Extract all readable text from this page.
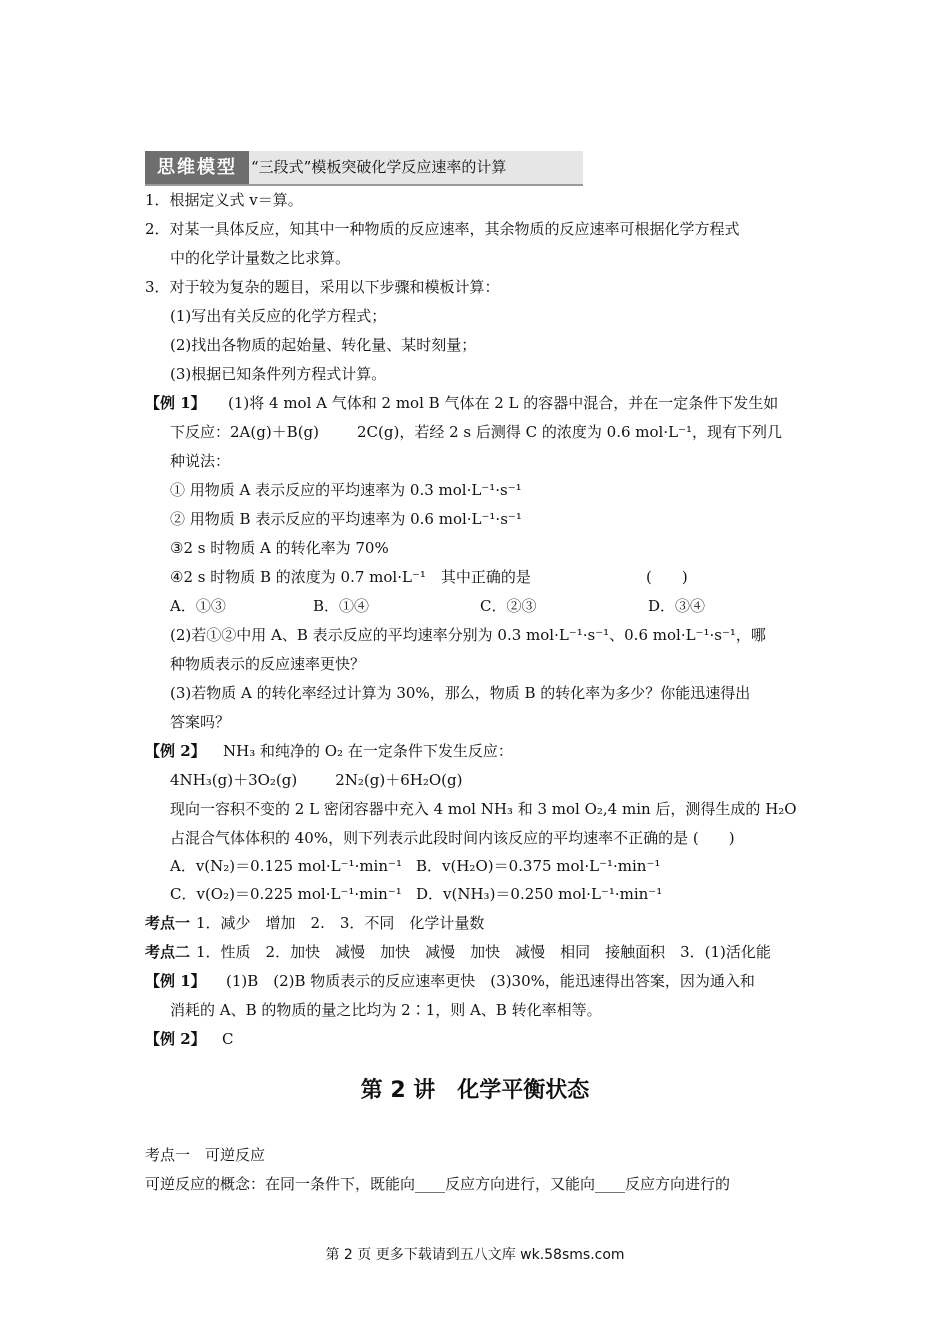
思维模型 “三段式”模板突破化学反应速率的计算
1．根据定义式 v＝算。
2．对某一具体反应，知其中一种物质的反应速率，其余物质的反应速率可根据化学方程式
中的化学计量数之比求算。
3．对于较为复杂的题目，采用以下步骤和模板计算：
(1)写出有关反应的化学方程式；
(2)找出各物质的起始量、转化量、某时刻量；
(3)根据已知条件列方程式计算。
【例 1】 (1)将 4 mol A 气体和 2 mol B 气体在 2 L 的容器中混合，并在一定条件下发生如
下反应：2A(g)＋B(g)	2C(g)，若经 2 s 后测得 C 的浓度为 0.6 mol·L⁻¹，现有下列几
种说法：
① 用物质 A 表示反应的平均速率为 0.3 mol·L⁻¹·s⁻¹
② 用物质 B 表示反应的平均速率为 0.6 mol·L⁻¹·s⁻¹
③2 s 时物质 A 的转化率为 70%
④2 s 时物质 B 的浓度为 0.7 mol·L⁻¹　其中正确的是	(　　)
A．①③	B．①④	C．②③	D．③④
(2)若①②中用 A、B 表示反应的平均速率分别为 0.3 mol·L⁻¹·s⁻¹、0.6 mol·L⁻¹·s⁻¹，哪
种物质表示的反应速率更快？
(3)若物质 A 的转化率经过计算为 30%，那么，物质 B 的转化率为多少？你能迅速得出
答案吗？
【例 2】 NH₃ 和纯净的 O₂ 在一定条件下发生反应：
4NH₃(g)＋3O₂(g)	2N₂(g)＋6H₂O(g)
现向一容积不变的 2 L 密闭容器中充入 4 mol NH₃ 和 3 mol O₂,4 min 后，测得生成的 H₂O
占混合气体体积的 40%，则下列表示此段时间内该反应的平均速率不正确的是 (　　)
A．v(N₂)＝0.125 mol·L⁻¹·min⁻¹ B．v(H₂O)＝0.375 mol·L⁻¹·min⁻¹
C．v(O₂)＝0.225 mol·L⁻¹·min⁻¹ D．v(NH₃)＝0.250 mol·L⁻¹·min⁻¹
考点一 1．减少　增加　2.　3．不同　化学计量数
考点二 1．性质　2．加快　减慢　加快　减慢　加快　减慢　相同　接触面积　3．(1)活化能
【例 1】 (1)B　(2)B 物质表示的反应速率更快　(3)30%，能迅速得出答案，因为通入和
消耗的 A、B 的物质的量之比均为 2∶1，则 A、B 转化率相等。
【例 2】 C
第 2 讲　化学平衡状态
考点一　可逆反应
可逆反应的概念：在同一条件下，既能向____反应方向进行，又能向____反应方向进行的
第 2 页 更多下载请到五八文库 wk.58sms.com
